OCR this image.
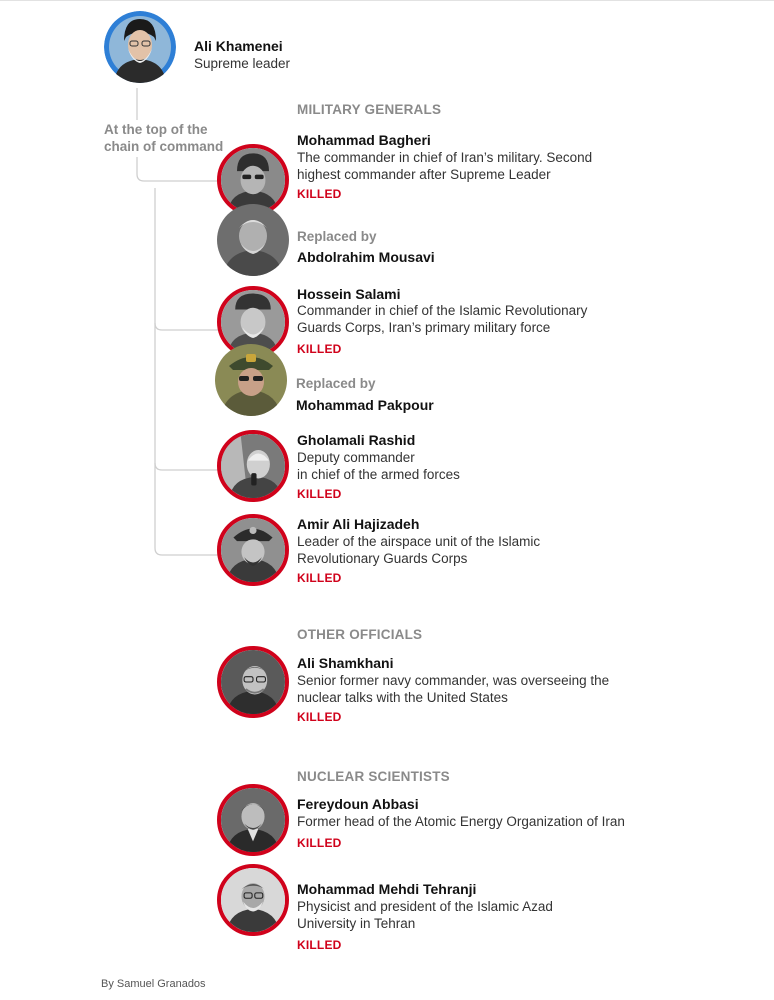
Ali Khamenei
Supreme leader
At the top of the chain of command
MILITARY GENERALS
Mohammad Bagheri
The commander in chief of Iran’s military. Second highest commander after Supreme Leader
KILLED
Replaced by
Abdolrahim Mousavi
Hossein Salami
Commander in chief of the Islamic Revolutionary Guards Corps, Iran’s primary military force
KILLED
Replaced by
Mohammad Pakpour
Gholamali Rashid
Deputy commander
in chief of the armed forces
KILLED
Amir Ali Hajizadeh
Leader of the airspace unit of the Islamic Revolutionary Guards Corps
KILLED
OTHER OFFICIALS
Ali Shamkhani
Senior former navy commander, was overseeing the nuclear talks with the United States
KILLED
NUCLEAR SCIENTISTS
Fereydoun Abbasi
Former head of the Atomic Energy Organization of Iran
KILLED
Mohammad Mehdi Tehranji
Physicist and president of the Islamic Azad University in Tehran
KILLED
By Samuel Granados
